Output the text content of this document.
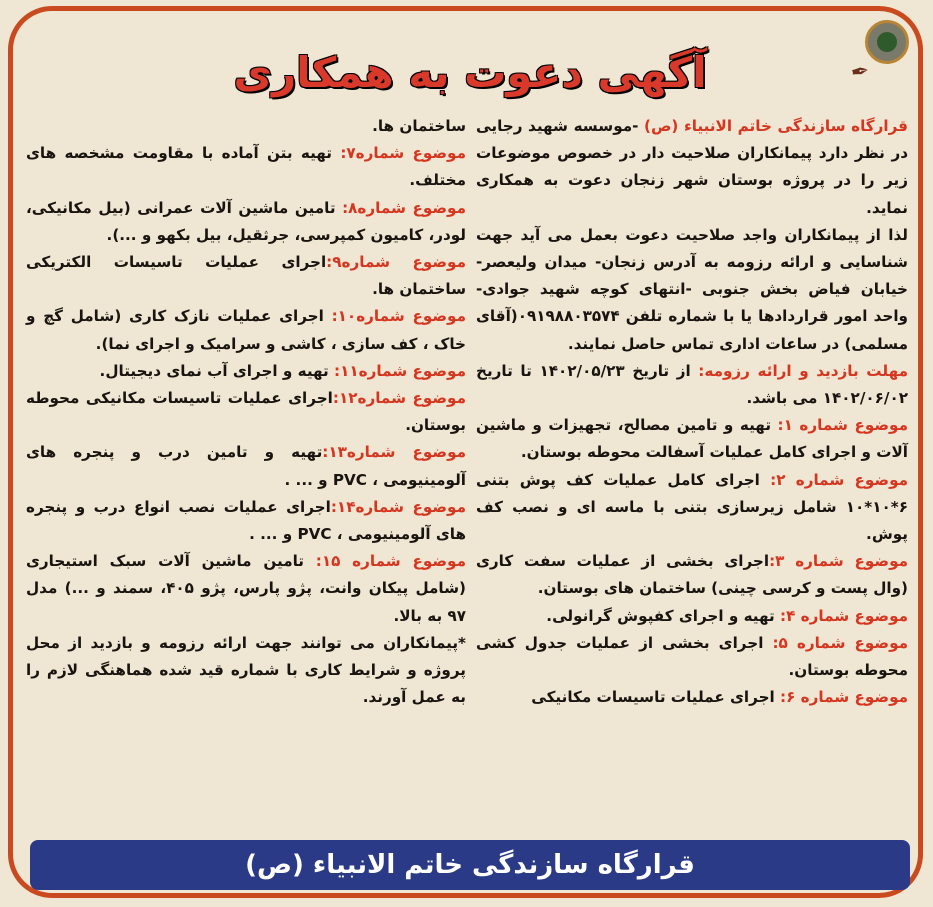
✒
آگهی دعوت به همکاری

قرارگاه سازندگی خاتم الانبیاء (ص) -موسسه شهید رجایی در نظر دارد پیمانکاران صلاحیت دار در خصوص موضوعات زیر را در پروژه بوستان شهر زنجان دعوت به همکاری نماید.

لذا از پیمانکاران واجد صلاحیت دعوت بعمل می آید جهت شناسایی و ارائه رزومه به آدرس زنجان- میدان ولیعصر- خیابان فیاض بخش جنوبی -انتهای کوچه شهید جوادی- واحد امور قراردادها یا با شماره تلفن ۰۹۱۹۸۸۰۳۵۷۴(آقای مسلمی) در ساعات اداری تماس حاصل نمایند.

مهلت بازدید و ارائه رزومه: از تاریخ ۱۴۰۲/۰۵/۲۳ تا تاریخ ۱۴۰۲/۰۶/۰۲ می باشد.

موضوع شماره ۱: تهیه و تامین مصالح، تجهیزات و ماشین آلات و اجرای کامل عملیات آسفالت محوطه بوستان.

موضوع شماره ۲: اجرای کامل عملیات کف پوش بتنی ۶*۱۰*۱۰ شامل زیرسازی بتنی با ماسه ای و نصب کف پوش.

موضوع شماره ۳:اجرای بخشی از عملیات سفت کاری (وال پست و کرسی چینی) ساختمان های بوستان.

موضوع شماره ۴: تهیه و اجرای کفپوش گرانولی.

موضوع شماره ۵: اجرای بخشی از عملیات جدول کشی محوطه بوستان.

موضوع شماره ۶: اجرای عملیات تاسیسات مکانیکی

ساختمان ها.

موضوع شماره۷: تهیه بتن آماده با مقاومت مشخصه های مختلف.

موضوع شماره۸: تامین ماشین آلات عمرانی (بیل مکانیکی، لودر، کامیون کمپرسی، جرثقیل، بیل بکهو و ...).

موضوع شماره۹:اجرای عملیات تاسیسات الکتریکی ساختمان ها.

موضوع شماره۱۰: اجرای عملیات نازک کاری (شامل گچ و خاک ، کف سازی ، کاشی و سرامیک و اجرای نما).

موضوع شماره۱۱: تهیه و اجرای آب نمای دیجیتال.

موضوع شماره۱۲:اجرای عملیات تاسیسات مکانیکی محوطه بوستان.

موضوع شماره۱۳:تهیه و تامین درب و پنجره های آلومینیومی ، PVC و ... .

موضوع شماره۱۴:اجرای عملیات نصب انواع درب و پنجره های آلومینیومی ، PVC و ... .

موضوع شماره ۱۵: تامین ماشین آلات سبک استیجاری (شامل پیکان وانت، پژو پارس، پژو ۴۰۵، سمند و ...) مدل ۹۷ به بالا.

*پیمانکاران می توانند جهت ارائه رزومه و بازدید از محل پروژه و شرایط کاری با شماره قید شده هماهنگی لازم را به عمل آورند.

قرارگاه سازندگی خاتم الانبیاء (ص)
